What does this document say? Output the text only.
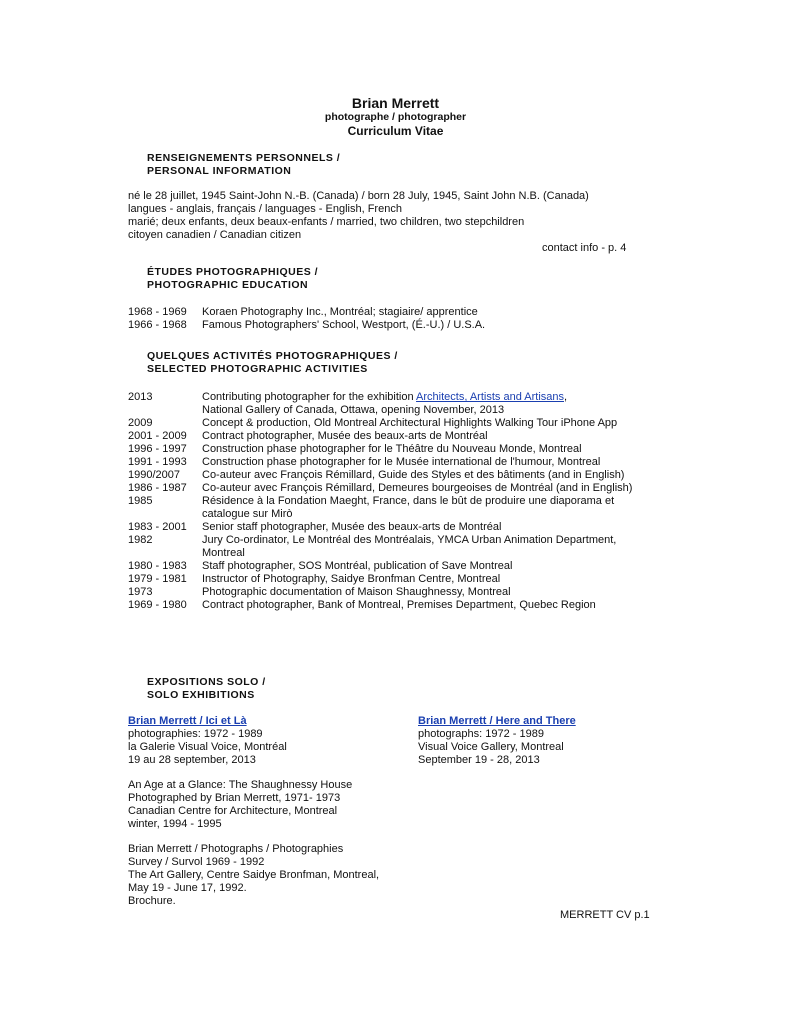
Brian Merrett
photographe / photographer
Curriculum Vitae
RENSEIGNEMENTS PERSONNELS /
PERSONAL INFORMATION
né le 28 juillet, 1945 Saint-John N.-B. (Canada) / born 28 July, 1945, Saint John N.B. (Canada)
langues - anglais, français / languages - English, French
marié; deux enfants, deux beaux-enfants / married, two children, two stepchildren
citoyen canadien / Canadian citizen
contact info - p. 4
ÉTUDES PHOTOGRAPHIQUES /
PHOTOGRAPHIC EDUCATION
1968 - 1969	Koraen Photography Inc., Montréal; stagiaire/ apprentice
1966 - 1968	Famous Photographers' School, Westport, (É.-U.) / U.S.A.
QUELQUES ACTIVITÉS PHOTOGRAPHIQUES /
SELECTED PHOTOGRAPHIC ACTIVITIES
2013	Contributing photographer for the exhibition Architects, Artists and Artisans,
National Gallery of Canada, Ottawa, opening November, 2013
2009	Concept & production, Old Montreal Architectural Highlights Walking Tour iPhone App
2001 - 2009	Contract photographer, Musée des beaux-arts de Montréal
1996 - 1997	Construction phase photographer for le Théâtre du Nouveau Monde, Montreal
1991 - 1993	Construction phase photographer for le Musée international de l'humour, Montreal
1990/2007	Co-auteur avec François Rémillard, Guide des Styles et des bâtiments (and in English)
1986 - 1987	Co-auteur avec François Rémillard, Demeures bourgeoises de Montréal (and in English)
1985	Résidence à la Fondation Maeght, France, dans le bût de produire une diaporama et catalogue sur Mirò
1983 - 2001	Senior staff photographer, Musée des beaux-arts de Montréal
1982	Jury Co-ordinator, Le Montréal des Montréalais, YMCA Urban Animation Department, Montreal
1980 - 1983	Staff photographer, SOS Montréal, publication of Save Montreal
1979 - 1981	Instructor of Photography, Saidye Bronfman Centre, Montreal
1973	Photographic documentation of Maison Shaughnessy, Montreal
1969 - 1980	Contract photographer, Bank of Montreal, Premises Department, Quebec Region
EXPOSITIONS SOLO /
SOLO EXHIBITIONS
Brian Merrett / Ici et Là
photographies: 1972 - 1989
la Galerie Visual Voice, Montréal
19 au 28 september, 2013
Brian Merrett / Here and There
photographs: 1972 - 1989
Visual Voice Gallery, Montreal
September 19 - 28, 2013
An Age at a Glance: The Shaughnessy House
Photographed by Brian Merrett, 1971- 1973
Canadian Centre for Architecture, Montreal
winter, 1994 - 1995
Brian Merrett / Photographs / Photographies
Survey / Survol 1969 - 1992
The Art Gallery, Centre Saidye Bronfman, Montreal,
May 19 - June 17, 1992.
Brochure.
MERRETT CV p.1
